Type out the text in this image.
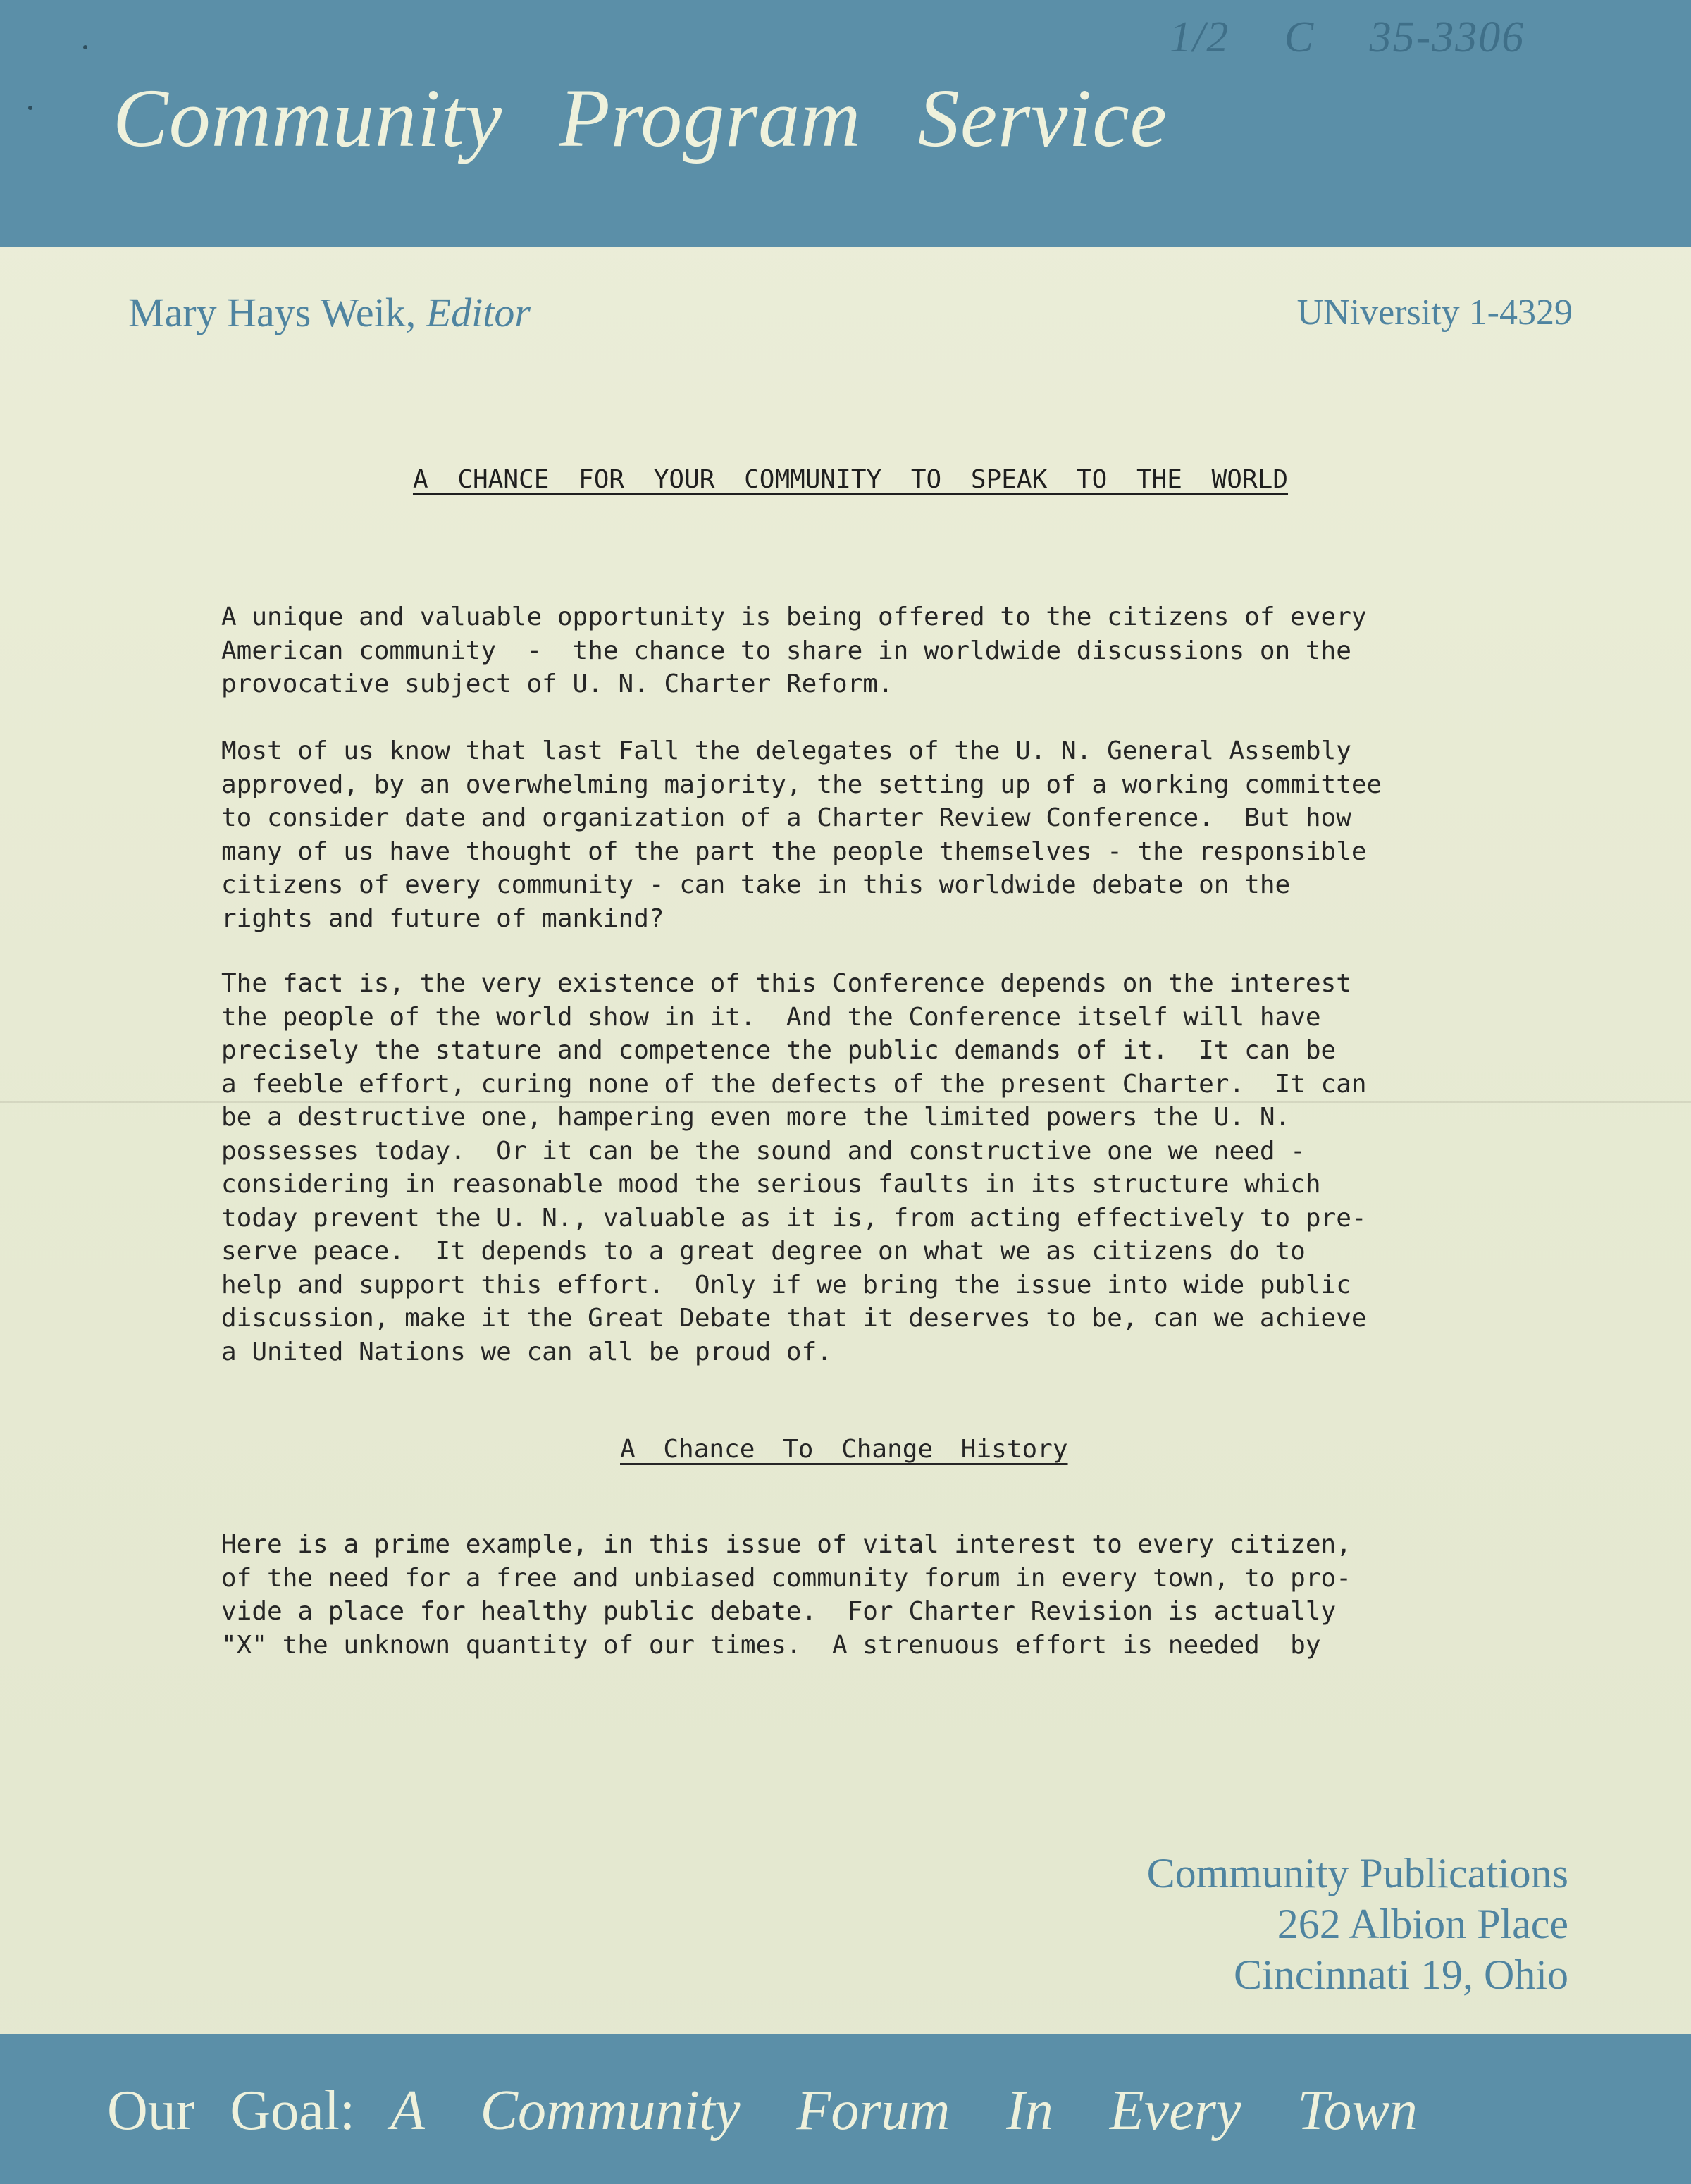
Community Program Service
1/2 C 35-3306
Mary Hays Weik, Editor	UNiversity 1-4329
A CHANCE FOR YOUR COMMUNITY TO SPEAK TO THE WORLD
A unique and valuable opportunity is being offered to the citizens of every
American community  -  the chance to share in worldwide discussions on the
provocative subject of U. N. Charter Reform.
Most of us know that last Fall the delegates of the U. N. General Assembly
approved, by an overwhelming majority, the setting up of a working committee
to consider date and organization of a Charter Review Conference.  But how
many of us have thought of the part the people themselves - the responsible
citizens of every community - can take in this worldwide debate on the
rights and future of mankind?
The fact is, the very existence of this Conference depends on the interest
the people of the world show in it.  And the Conference itself will have
precisely the stature and competence the public demands of it.  It can be
a feeble effort, curing none of the defects of the present Charter.  It can
be a destructive one, hampering even more the limited powers the U. N.
possesses today.  Or it can be the sound and constructive one we need -
considering in reasonable mood the serious faults in its structure which
today prevent the U. N., valuable as it is, from acting effectively to pre-
serve peace.  It depends to a great degree on what we as citizens do to
help and support this effort.  Only if we bring the issue into wide public
discussion, make it the Great Debate that it deserves to be, can we achieve
a United Nations we can all be proud of.
A Chance To Change History
Here is a prime example, in this issue of vital interest to every citizen,
of the need for a free and unbiased community forum in every town, to pro-
vide a place for healthy public debate.  For Charter Revision is actually
"X" the unknown quantity of our times.  A strenuous effort is needed  by
Community Publications
262 Albion Place
Cincinnati 19, Ohio
Our Goal: A Community Forum In Every Town
